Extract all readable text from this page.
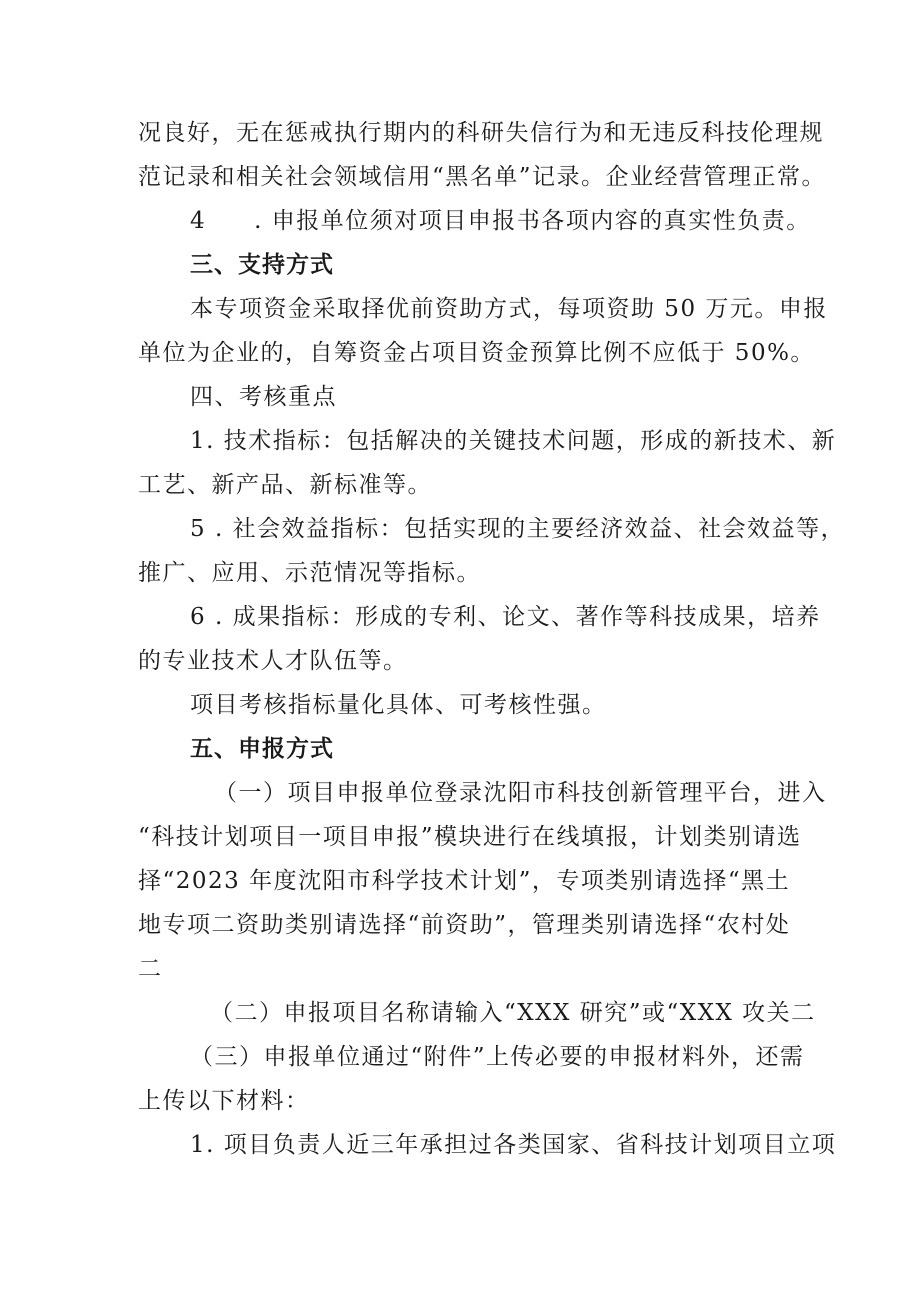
况良好，无在惩戒执行期内的科研失信行为和无违反科技伦理规
范记录和相关社会领域信用“黑名单”记录。企业经营管理正常。
4 . 申报单位须对项目申报书各项内容的真实性负责。
三、支持方式
本专项资金采取择优前资助方式，每项资助 50 万元。申报
单位为企业的，自筹资金占项目资金预算比例不应低于 50%。
四、考核重点
1. 技术指标：包括解决的关键技术问题，形成的新技术、新
工艺、新产品、新标准等。
5 . 社会效益指标：包括实现的主要经济效益、社会效益等，
推广、应用、示范情况等指标。
6 . 成果指标：形成的专利、论文、著作等科技成果，培养
的专业技术人才队伍等。
项目考核指标量化具体、可考核性强。
五、申报方式
（一）项目申报单位登录沈阳市科技创新管理平台，进入
“科技计划项目一项目申报”模块进行在线填报，计划类别请选
择“2023 年度沈阳市科学技术计划”，专项类别请选择“黑土
地专项二资助类别请选择“前资助”，管理类别请选择“农村处
二
（二）申报项目名称请输入“XXX 研究”或“XXX 攻关二
（三）申报单位通过“附件”上传必要的申报材料外，还需
上传以下材料：
1. 项目负责人近三年承担过各类国家、省科技计划项目立项
